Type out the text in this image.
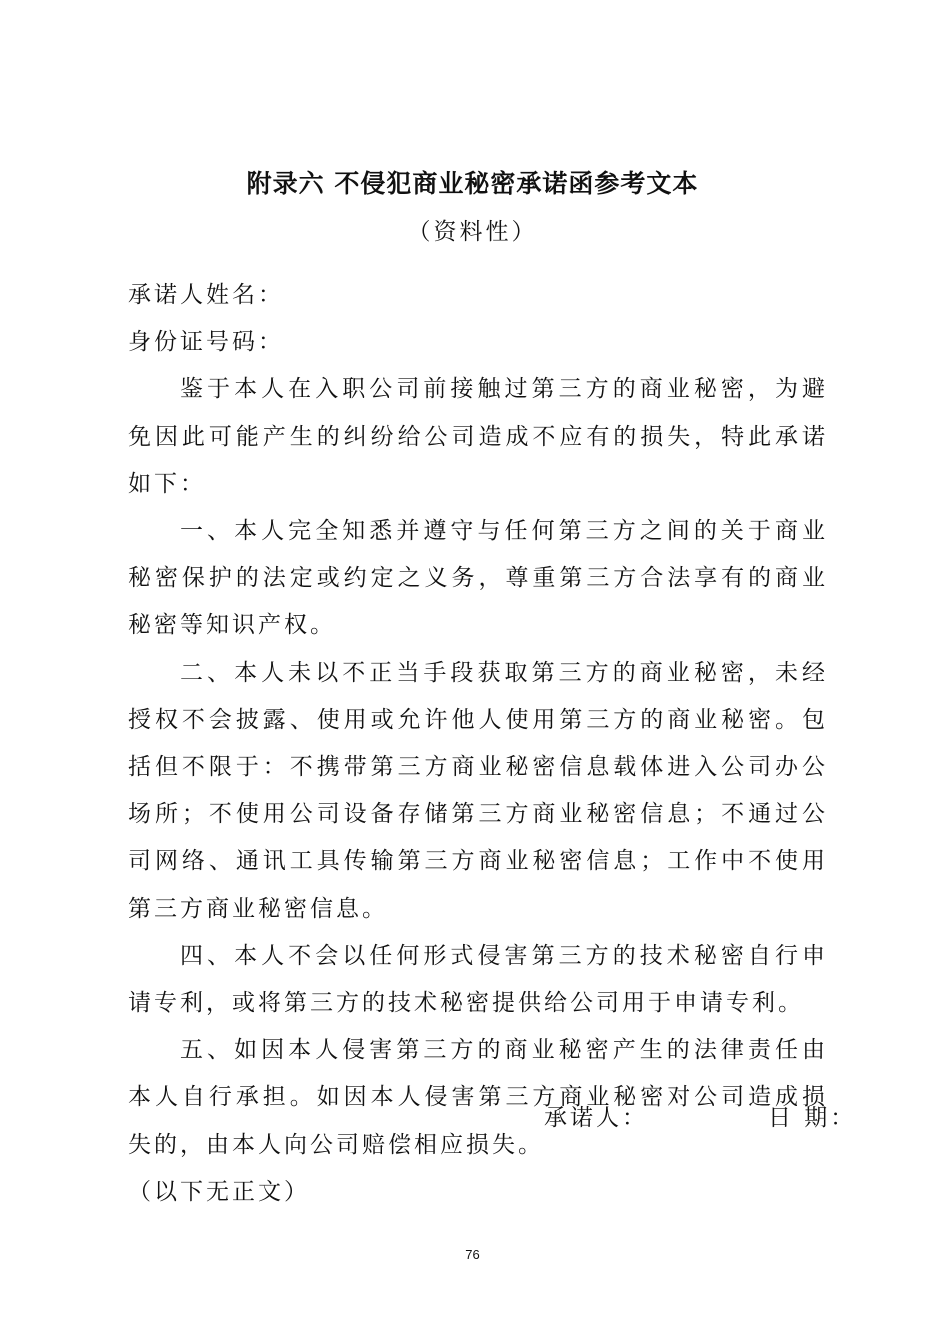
附录六 不侵犯商业秘密承诺函参考文本
（资料性）

承诺人姓名：

身份证号码：

鉴于本人在入职公司前接触过第三方的商业秘密，为避免因此可能产生的纠纷给公司造成不应有的损失，特此承诺如下：

一、本人完全知悉并遵守与任何第三方之间的关于商业秘密保护的法定或约定之义务，尊重第三方合法享有的商业秘密等知识产权。

二、本人未以不正当手段获取第三方的商业秘密，未经授权不会披露、使用或允许他人使用第三方的商业秘密。包括但不限于：不携带第三方商业秘密信息载体进入公司办公场所；不使用公司设备存储第三方商业秘密信息；不通过公司网络、通讯工具传输第三方商业秘密信息；工作中不使用第三方商业秘密信息。

四、本人不会以任何形式侵害第三方的技术秘密自行申请专利，或将第三方的技术秘密提供给公司用于申请专利。

五、如因本人侵害第三方的商业秘密产生的法律责任由本人自行承担。如因本人侵害第三方商业秘密对公司造成损失的，由本人向公司赔偿相应损失。

（以下无正文）

承诺人：	日 期：
76
